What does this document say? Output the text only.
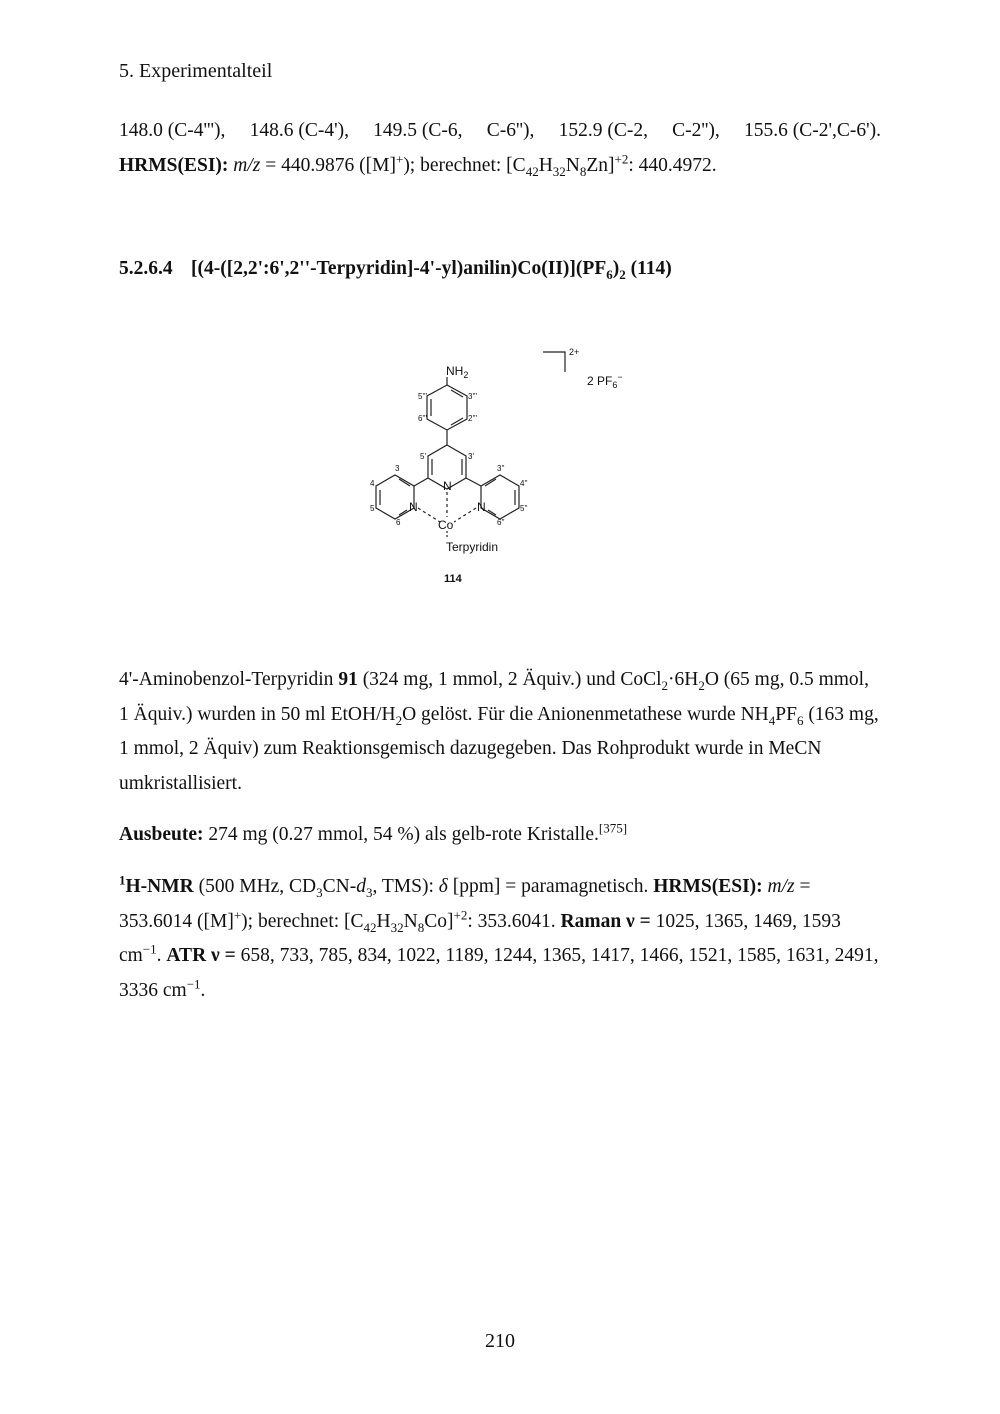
5. Experimentalteil
148.0 (C-4'''), 148.6 (C-4'), 149.5 (C-6, C-6''), 152.9 (C-2, C-2''), 155.6 (C-2',C-6').
HRMS(ESI): m/z = 440.9876 ([M]+); berechnet: $[C_{42}H_{32}N_8Zn]^{+2}$: 440.4972.
5.2.6.4 $[(4-([2,2':6',2''-Terpyridin]-4'-yl)anilin)Co(II)](PF_6)_2$ (114)
$NH_2$
2+
2 $PF_6^-$
5'''	3'''
6'''	2'''
5'	3'
3	3''
4	4''
5	5''
6	6''
N
N
N
Co
Terpyridin
114

4'-Aminobenzol-Terpyridin 91 (324 mg, 1 mmol, 2 Äquiv.) und $CoCl_2\cdot 6H_2O$ (65 mg, 0.5 mmol, 1 Äquiv.) wurden in 50 ml EtOH/$H_2O$ gelöst. Für die Anionenmetathese wurde $NH_4PF_6$ (163 mg, 1 mmol, 2 Äquiv) zum Reaktionsgemisch dazugegeben. Das Rohprodukt wurde in MeCN umkristallisiert.

Ausbeute: 274 mg (0.27 mmol, 54 %) als gelb-rote Kristalle.[375]

$^1$H-NMR (500 MHz, $CD_3CN-d_3$, TMS): δ [ppm] = paramagnetisch. HRMS(ESI): m/z = 353.6014 ([M]+); berechnet: $[C_{42}H_{32}N_8Co]^{+2}$: 353.6041. Raman ν = 1025, 1365, 1469, 1593 $cm^{-1}$. ATR ν = 658, 733, 785, 834, 1022, 1189, 1244, 1365, 1417, 1466, 1521, 1585, 1631, 2491, 3336 $cm^{-1}$.

210
